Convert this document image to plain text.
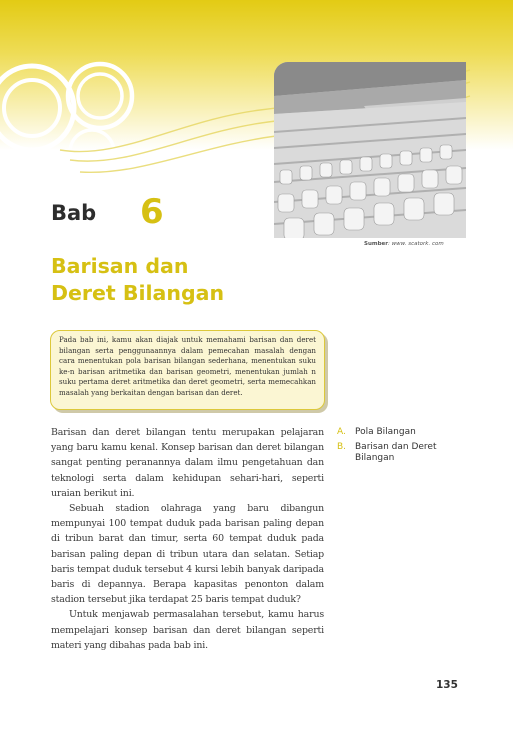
Sumber: www. scatork. com
Bab 6
Barisan dan
Deret Bilangan
Pada bab ini, kamu akan diajak untuk memahami barisan dan deret bilangan serta penggunaannya dalam pemecahan masalah dengan cara menentukan pola barisan bilangan sederhana, menentukan suku ke-n barisan aritmetika dan barisan geometri, menentukan jumlah n suku pertama deret aritmetika dan deret geometri, serta memecahkan masalah yang berkaitan dengan barisan dan deret.

Barisan dan deret bilangan tentu merupakan pelajaran yang baru kamu kenal. Konsep barisan dan deret bilangan sangat penting peranannya dalam ilmu pengetahuan dan teknologi serta dalam kehidupan sehari-hari, seperti uraian berikut ini.

Sebuah stadion olahraga yang baru dibangun mempunyai 100 tempat duduk pada barisan paling depan di tribun barat dan timur, serta 60 tempat duduk pada barisan paling depan di tribun utara dan selatan. Setiap baris tempat duduk tersebut 4 kursi lebih banyak daripada baris di depannya. Berapa kapasitas penonton dalam stadion tersebut jika terdapat 25 baris tempat duduk?

Untuk menjawab permasalahan tersebut, kamu harus mempelajari konsep barisan dan deret bilangan seperti materi yang dibahas pada bab ini.

A.	Pola Bilangan
B. Barisan dan Deret Bilangan
135
